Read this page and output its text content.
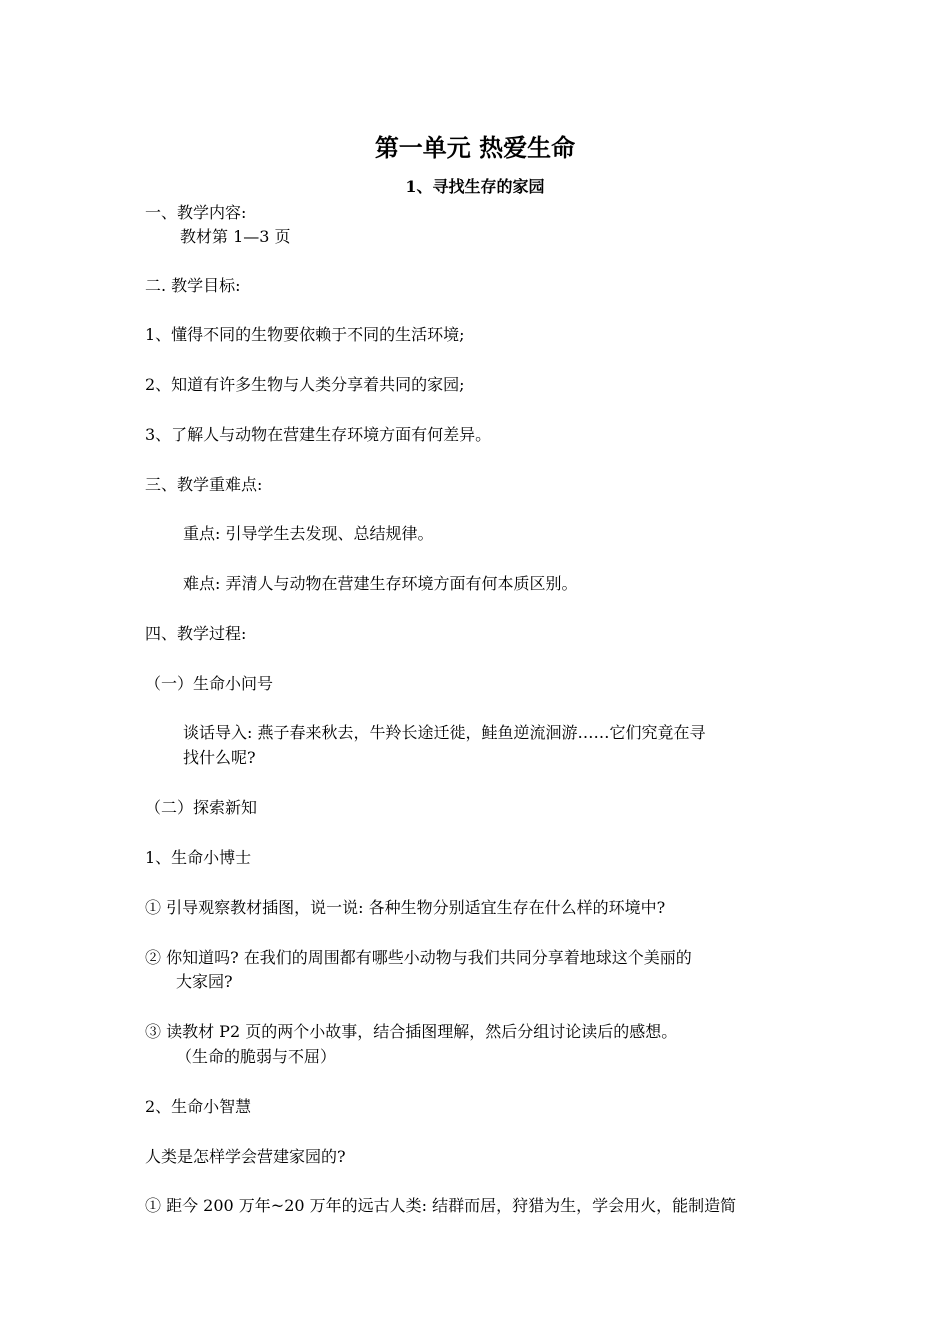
第一单元 热爱生命
1、寻找生存的家园
一、教学内容:
教材第 1—3 页
二. 教学目标:
1、懂得不同的生物要依赖于不同的生活环境;
2、知道有许多生物与人类分享着共同的家园;
3、了解人与动物在营建生存环境方面有何差异。
三、教学重难点:
重点: 引导学生去发现、总结规律。
难点: 弄清人与动物在营建生存环境方面有何本质区别。
四、教学过程:
（一）生命小问号
谈话导入: 燕子春来秋去，牛羚长途迁徙，鲑鱼逆流洄游……它们究竟在寻
找什么呢?
（二）探索新知
1、生命小博士
① 引导观察教材插图，说一说: 各种生物分别适宜生存在什么样的环境中?
② 你知道吗? 在我们的周围都有哪些小动物与我们共同分享着地球这个美丽的
大家园?
③ 读教材 P2 页的两个小故事，结合插图理解，然后分组讨论读后的感想。
（生命的脆弱与不屈）
2、生命小智慧
人类是怎样学会营建家园的?
① 距今 200 万年~20 万年的远古人类: 结群而居，狩猎为生，学会用火，能制造简
